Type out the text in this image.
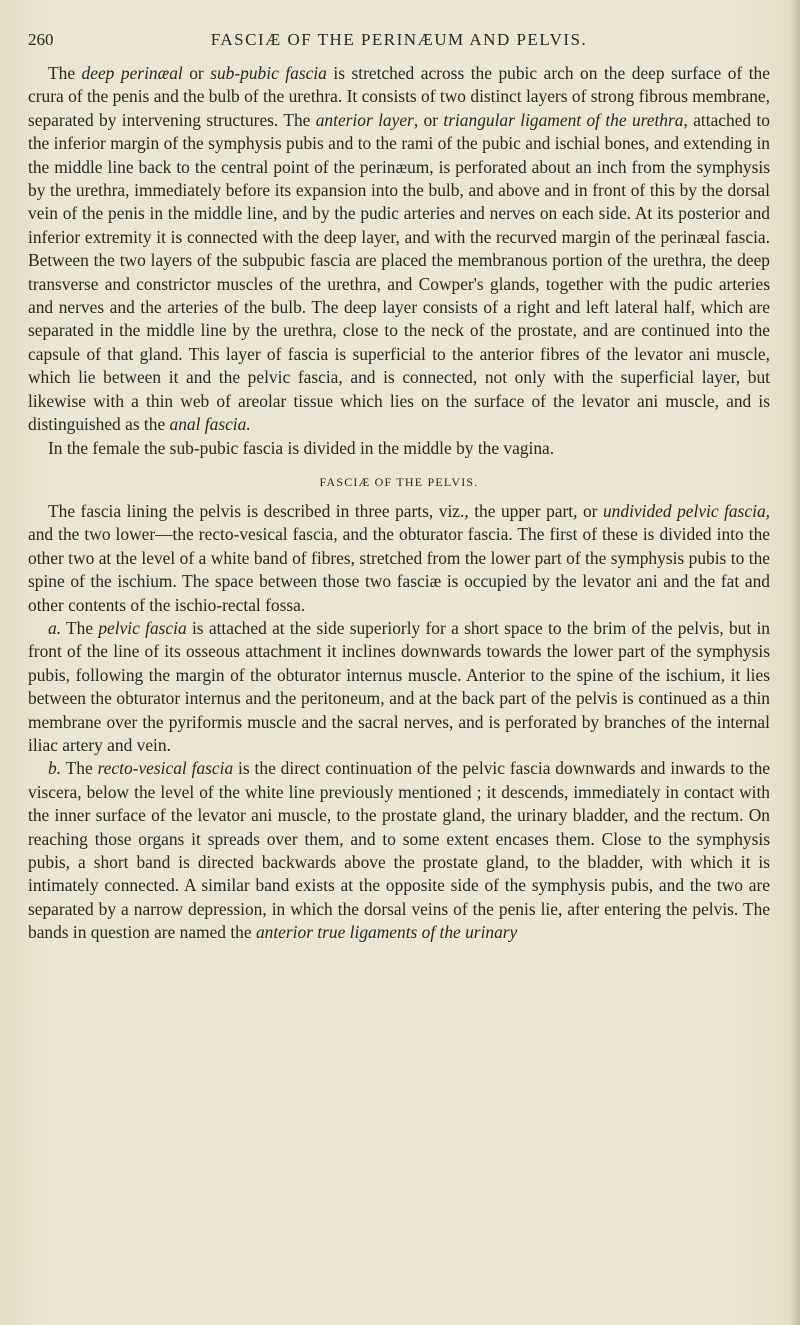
260	FASCIÆ OF THE PERINÆUM AND PELVIS.

The deep perinæal or sub-pubic fascia is stretched across the pubic arch on the deep surface of the crura of the penis and the bulb of the urethra. It consists of two distinct layers of strong fibrous membrane, separated by intervening structures. The anterior layer, or triangular ligament of the urethra, attached to the inferior margin of the symphysis pubis and to the rami of the pubic and ischial bones, and extending in the middle line back to the central point of the perinæum, is perforated about an inch from the symphysis by the urethra, immediately before its expansion into the bulb, and above and in front of this by the dorsal vein of the penis in the middle line, and by the pudic arteries and nerves on each side. At its posterior and inferior extremity it is connected with the deep layer, and with the recurved margin of the perinæal fascia. Between the two layers of the subpubic fascia are placed the membranous portion of the urethra, the deep transverse and constrictor muscles of the urethra, and Cowper's glands, together with the pudic arteries and nerves and the arteries of the bulb. The deep layer consists of a right and left lateral half, which are separated in the middle line by the urethra, close to the neck of the prostate, and are continued into the capsule of that gland. This layer of fascia is superficial to the anterior fibres of the levator ani muscle, which lie between it and the pelvic fascia, and is connected, not only with the superficial layer, but likewise with a thin web of areolar tissue which lies on the surface of the levator ani muscle, and is distinguished as the anal fascia.

In the female the sub-pubic fascia is divided in the middle by the vagina.

FASCIÆ OF THE PELVIS.

The fascia lining the pelvis is described in three parts, viz., the upper part, or undivided pelvic fascia, and the two lower—the recto-vesical fascia, and the obturator fascia. The first of these is divided into the other two at the level of a white band of fibres, stretched from the lower part of the symphysis pubis to the spine of the ischium. The space between those two fasciæ is occupied by the levator ani and the fat and other contents of the ischio-rectal fossa.

a. The pelvic fascia is attached at the side superiorly for a short space to the brim of the pelvis, but in front of the line of its osseous attachment it inclines downwards towards the lower part of the symphysis pubis, following the margin of the obturator internus muscle. Anterior to the spine of the ischium, it lies between the obturator internus and the peritoneum, and at the back part of the pelvis is continued as a thin membrane over the pyriformis muscle and the sacral nerves, and is perforated by branches of the internal iliac artery and vein.

b. The recto-vesical fascia is the direct continuation of the pelvic fascia downwards and inwards to the viscera, below the level of the white line previously mentioned ; it descends, immediately in contact with the inner surface of the levator ani muscle, to the prostate gland, the urinary bladder, and the rectum. On reaching those organs it spreads over them, and to some extent encases them. Close to the symphysis pubis, a short band is directed backwards above the prostate gland, to the bladder, with which it is intimately connected. A similar band exists at the opposite side of the symphysis pubis, and the two are separated by a narrow depression, in which the dorsal veins of the penis lie, after entering the pelvis. The bands in question are named the anterior true ligaments of the urinary
